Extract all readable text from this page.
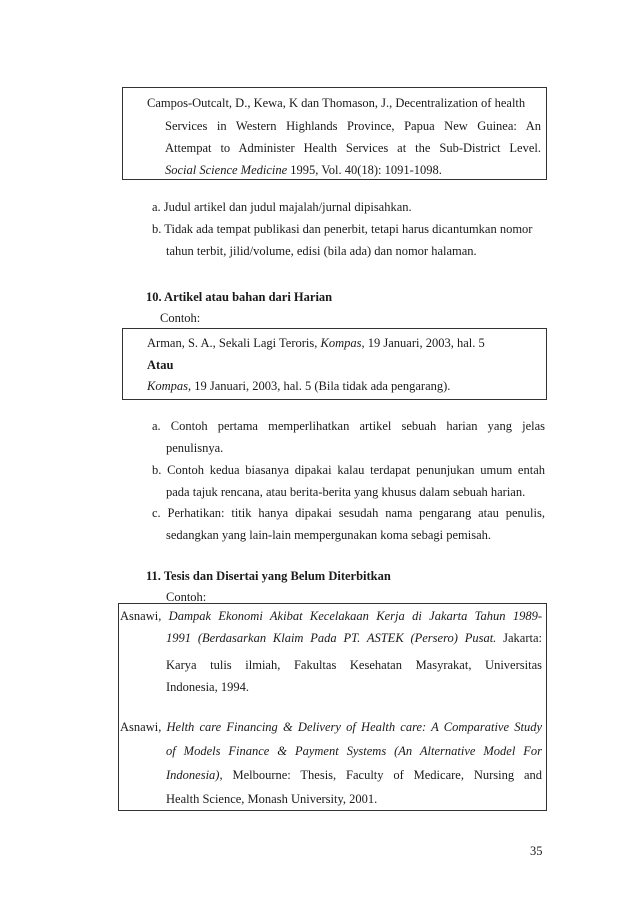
Campos-Outcalt, D., Kewa, K dan Thomason, J., Decentralization of health
Services in Western Highlands Province, Papua New Guinea: An
Attempat to Administer Health Services at the Sub-District Level.
Social Science Medicine 1995, Vol. 40(18): 1091-1098.
a. Judul artikel dan judul majalah/jurnal dipisahkan.
b. Tidak ada tempat publikasi dan penerbit, tetapi harus dicantumkan nomor
tahun terbit, jilid/volume, edisi (bila ada) dan nomor halaman.
10. Artikel atau bahan dari Harian
Contoh:
Arman, S. A., Sekali Lagi Teroris, Kompas, 19 Januari, 2003, hal. 5
Atau
Kompas, 19 Januari, 2003, hal. 5 (Bila tidak ada pengarang).
a. Contoh pertama memperlihatkan artikel sebuah harian yang jelas
penulisnya.
b. Contoh kedua biasanya dipakai kalau terdapat penunjukan umum entah
pada tajuk rencana, atau berita-berita yang khusus dalam sebuah harian.
c. Perhatikan: titik hanya dipakai sesudah nama pengarang atau penulis,
sedangkan yang lain-lain mempergunakan koma sebagi pemisah.
11. Tesis dan Disertai yang Belum Diterbitkan
Contoh:
Asnawi, Dampak Ekonomi Akibat Kecelakaan Kerja di Jakarta Tahun 1989-
1991 (Berdasarkan Klaim Pada PT. ASTEK (Persero) Pusat. Jakarta:
Karya tulis ilmiah, Fakultas Kesehatan Masyrakat, Universitas
Indonesia, 1994.
Asnawi, Helth care Financing & Delivery of Health care: A Comparative Study
of Models Finance & Payment Systems (An Alternative Model For
Indonesia), Melbourne: Thesis, Faculty of Medicare, Nursing and
Health Science, Monash University, 2001.
35
